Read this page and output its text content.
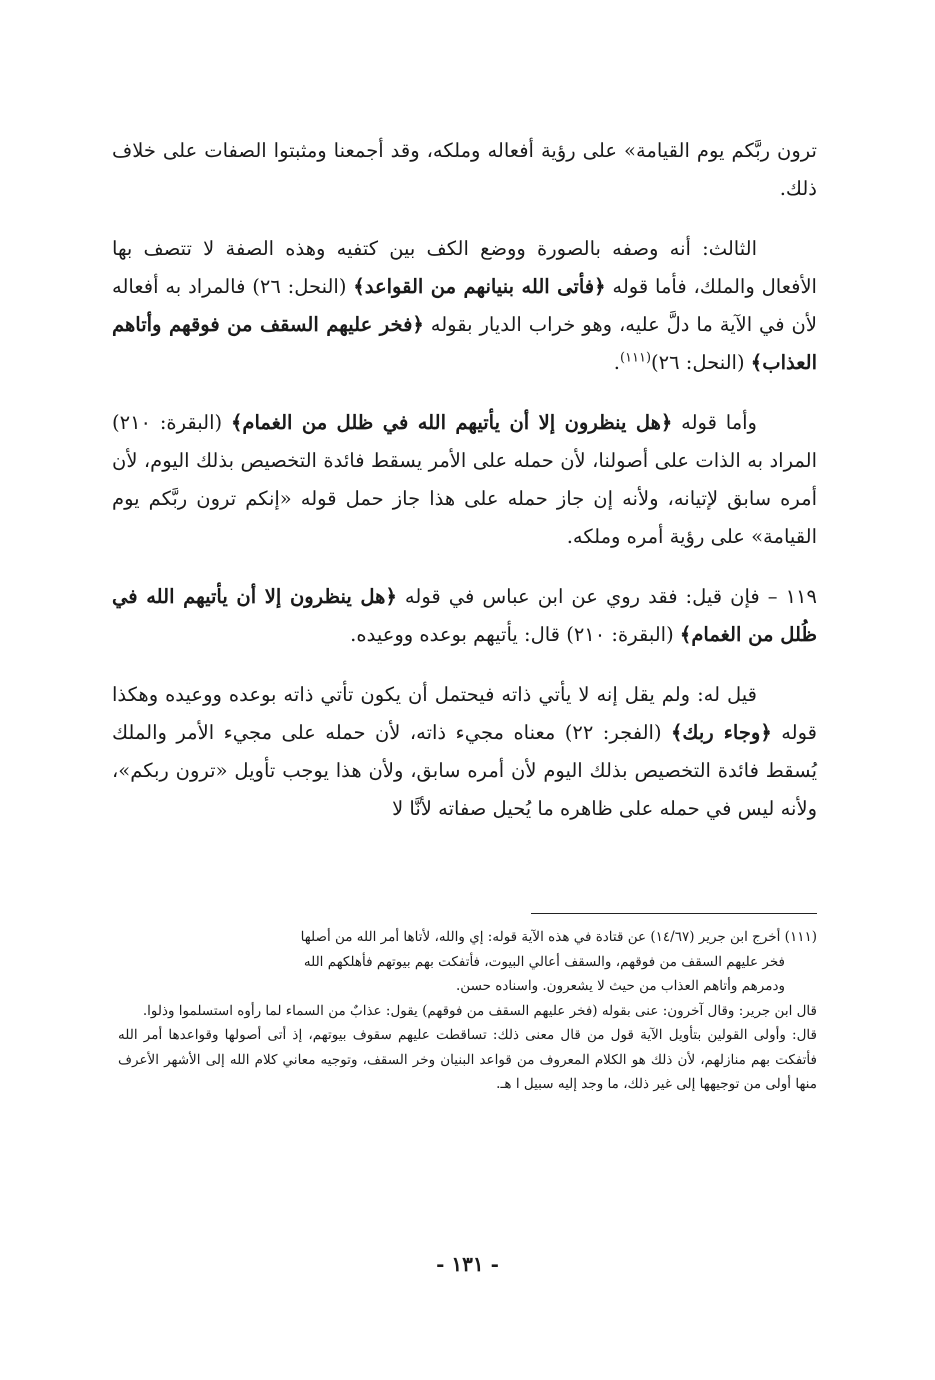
ترون ربَّكم يوم القيامة» على رؤية أفعاله وملكه، وقد أجمعنا ومثبتوا الصفات على خلاف ذلك.

الثالث: أنه وصفه بالصورة ووضع الكف بين كتفيه وهذه الصفة لا تتصف بها الأفعال والملك، فأما قوله ﴿فأتى الله بنيانهم من القواعد﴾ (النحل: ٢٦) فالمراد به أفعاله لأن في الآية ما دلَّ عليه، وهو خراب الديار بقوله ﴿فخر عليهم السقف من فوقهم وأتاهم العذاب﴾ (النحل: ٢٦)$^{(١١١)}$.

وأما قوله ﴿هل ينظرون إلا أن يأتيهم الله في ظلل من الغمام﴾ (البقرة: ٢١٠) المراد به الذات على أصولنا، لأن حمله على الأمر يسقط فائدة التخصيص بذلك اليوم، لأن أمره سابق لإتيانه، ولأنه إن جاز حمله على هذا جاز حمل قوله «إنكم ترون ربَّكم يوم القيامة» على رؤية أمره وملكه.

١١٩ – فإن قيل: فقد روي عن ابن عباس في قوله ﴿هل ينظرون إلا أن يأتيهم الله في ظُلل من الغمام﴾ (البقرة: ٢١٠) قال: يأتيهم بوعده ووعيده.

قيل له: ولم يقل إنه لا يأتي ذاته فيحتمل أن يكون تأتي ذاته بوعده ووعيده وهكذا قوله ﴿وجاء ربك﴾ (الفجر: ٢٢) معناه مجيء ذاته، لأن حمله على مجيء الأمر والملك يُسقط فائدة التخصيص بذلك اليوم لأن أمره سابق، ولأن هذا يوجب تأويل «ترون ربكم»، ولأنه ليس في حمله على ظاهره ما يُحيل صفاته لأنَّا لا

(١١١) أخرج ابن جرير (١٤/٦٧) عن قتادة في هذه الآية قوله: إي والله، لأتاها أمر الله من أصلها

فخر عليهم السقف من فوقهم، والسقف أعالي البيوت، فأتفكت بهم بيوتهم فأهلكهم الله

ودمرهم وأتاهم العذاب من حيث لا يشعرون. واسناده حسن.

قال ابن جرير: وقال آخرون: عنى بقوله (فخر عليهم السقف من فوقهم) يقول: عذابٌ من السماء لما رأوه استسلموا وذلوا.

قال: وأولى القولين بتأويل الآية قول من قال معنى ذلك: تساقطت عليهم سقوف بيوتهم، إذ أتى أصولها وقواعدها أمر الله فأتفكت بهم منازلهم، لأن ذلك هو الكلام المعروف من قواعد البنيان وخر السقف، وتوجيه معاني كلام الله إلى الأشهر الأعرف منها أولى من توجيهها إلى غير ذلك، ما وجد إليه سبيل ا هـ.

- ١٣١ -
